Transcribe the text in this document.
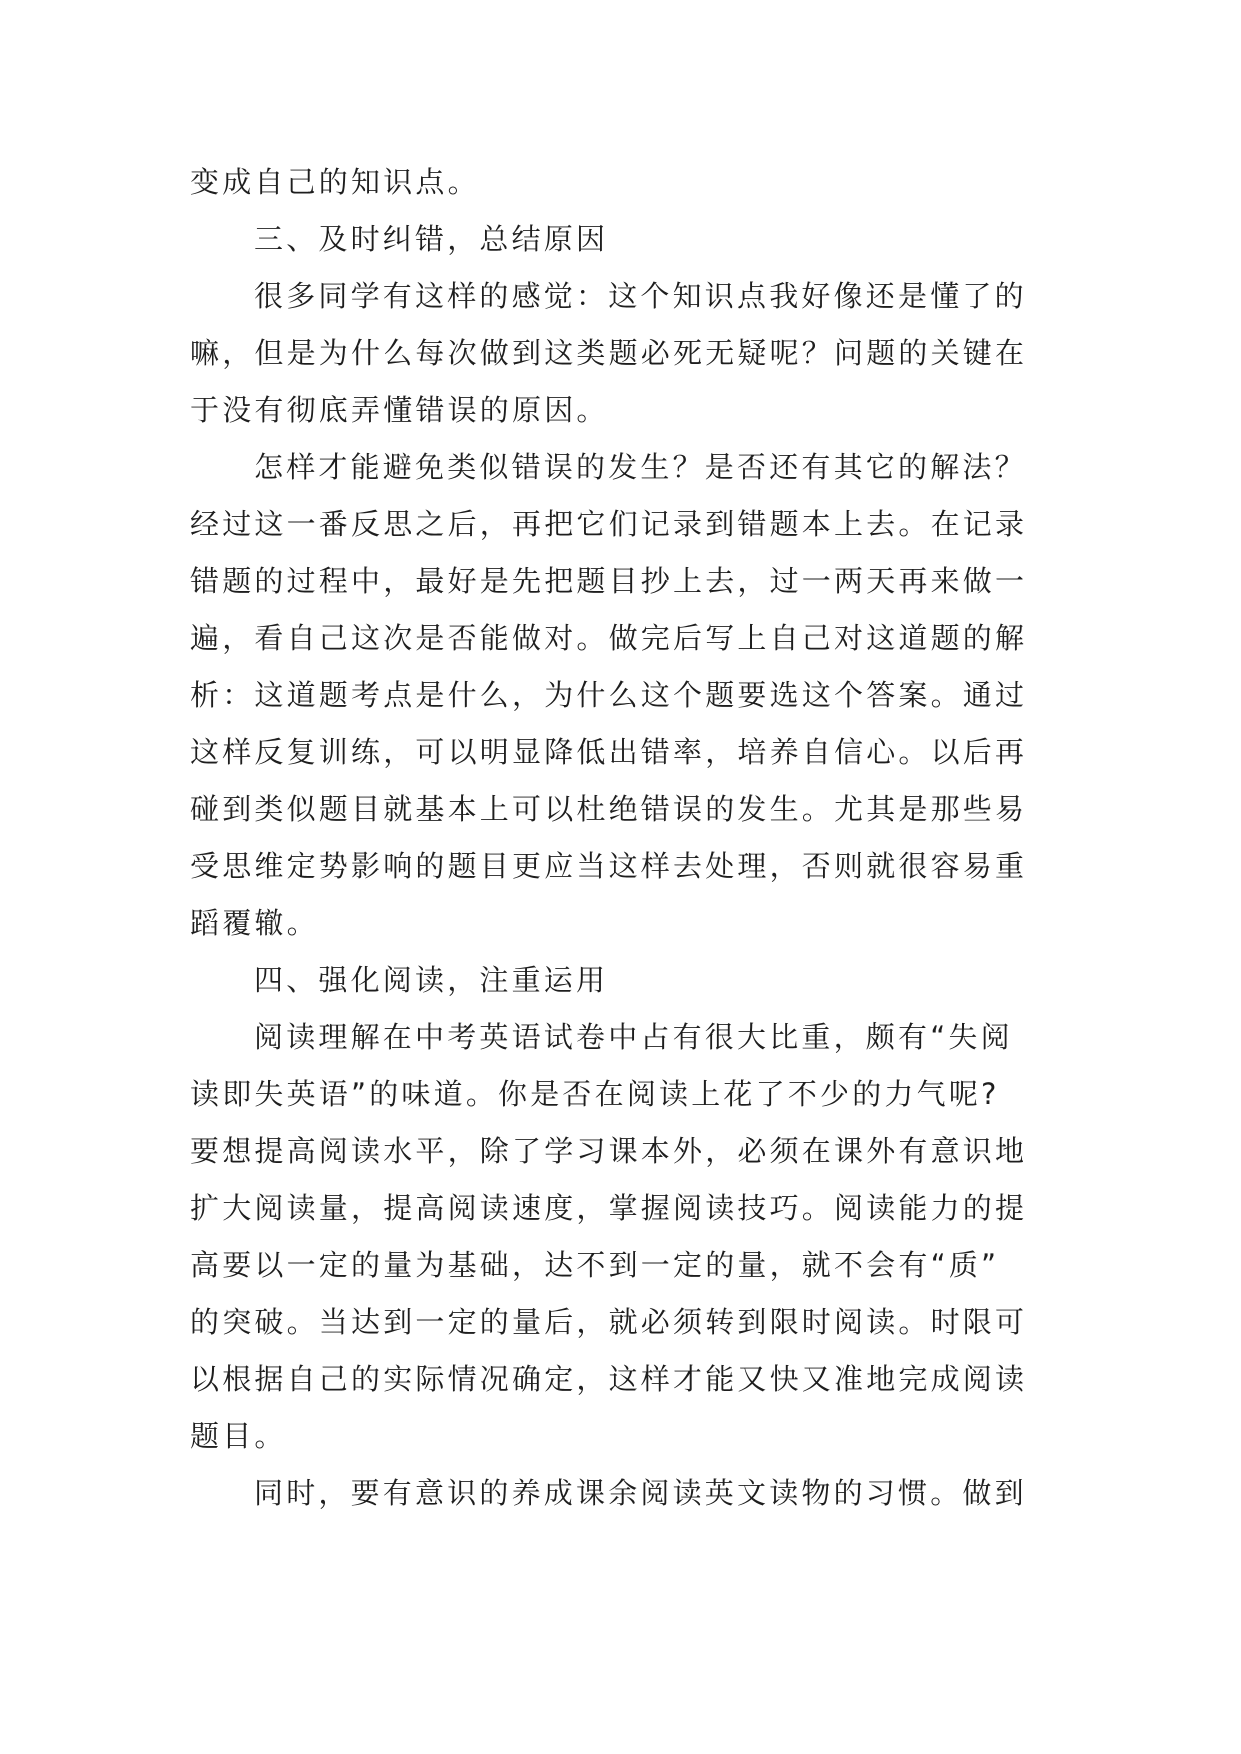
变成自己的知识点。
三、及时纠错，总结原因
很多同学有这样的感觉：这个知识点我好像还是懂了的
嘛，但是为什么每次做到这类题必死无疑呢？问题的关键在
于没有彻底弄懂错误的原因。
怎样才能避免类似错误的发生？是否还有其它的解法？
经过这一番反思之后，再把它们记录到错题本上去。在记录
错题的过程中，最好是先把题目抄上去，过一两天再来做一
遍，看自己这次是否能做对。做完后写上自己对这道题的解
析：这道题考点是什么，为什么这个题要选这个答案。通过
这样反复训练，可以明显降低出错率，培养自信心。以后再
碰到类似题目就基本上可以杜绝错误的发生。尤其是那些易
受思维定势影响的题目更应当这样去处理，否则就很容易重
蹈覆辙。
四、强化阅读，注重运用
阅读理解在中考英语试卷中占有很大比重，颇有“失阅
读即失英语”的味道。你是否在阅读上花了不少的力气呢?
要想提高阅读水平，除了学习课本外，必须在课外有意识地
扩大阅读量，提高阅读速度，掌握阅读技巧。阅读能力的提
高要以一定的量为基础，达不到一定的量，就不会有“质”
的突破。当达到一定的量后，就必须转到限时阅读。时限可
以根据自己的实际情况确定，这样才能又快又准地完成阅读
题目。
同时，要有意识的养成课余阅读英文读物的习惯。做到
